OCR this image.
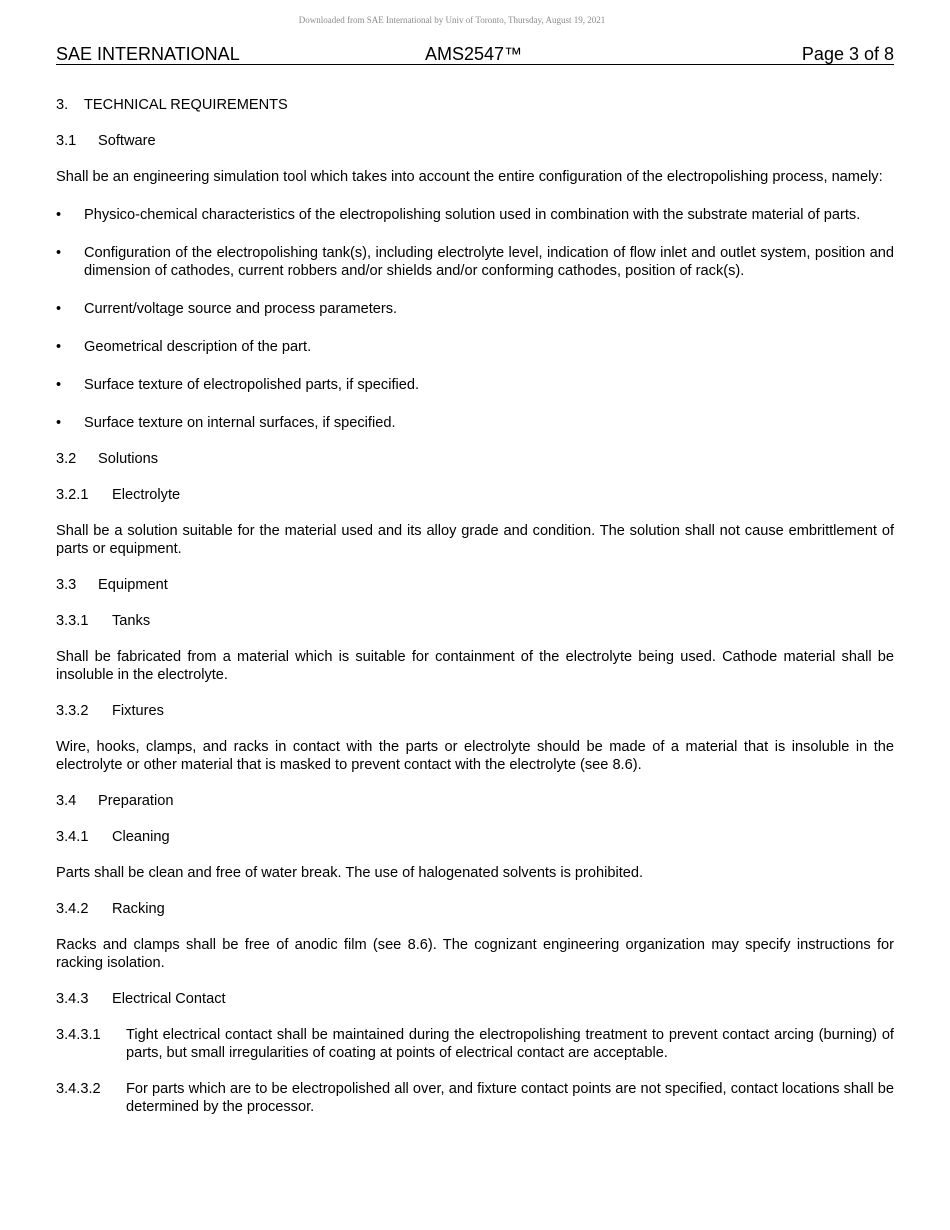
Downloaded from SAE International by Univ of Toronto, Thursday, August 19, 2021
SAE INTERNATIONAL	AMS2547™	Page 3 of 8

3. TECHNICAL REQUIREMENTS

3.1 Software

Shall be an engineering simulation tool which takes into account the entire configuration of the electropolishing process, namely:

• Physico-chemical characteristics of the electropolishing solution used in combination with the substrate material of parts.

• Configuration of the electropolishing tank(s), including electrolyte level, indication of flow inlet and outlet system, position and dimension of cathodes, current robbers and/or shields and/or conforming cathodes, position of rack(s).

• Current/voltage source and process parameters.

• Geometrical description of the part.

• Surface texture of electropolished parts, if specified.

• Surface texture on internal surfaces, if specified.

3.2 Solutions

3.2.1 Electrolyte

Shall be a solution suitable for the material used and its alloy grade and condition. The solution shall not cause embrittlement of parts or equipment.

3.3 Equipment

3.3.1 Tanks

Shall be fabricated from a material which is suitable for containment of the electrolyte being used. Cathode material shall be insoluble in the electrolyte.

3.3.2 Fixtures

Wire, hooks, clamps, and racks in contact with the parts or electrolyte should be made of a material that is insoluble in the electrolyte or other material that is masked to prevent contact with the electrolyte (see 8.6).

3.4 Preparation

3.4.1 Cleaning

Parts shall be clean and free of water break. The use of halogenated solvents is prohibited.

3.4.2 Racking

Racks and clamps shall be free of anodic film (see 8.6). The cognizant engineering organization may specify instructions for racking isolation.

3.4.3 Electrical Contact

3.4.3.1 Tight electrical contact shall be maintained during the electropolishing treatment to prevent contact arcing (burning) of parts, but small irregularities of coating at points of electrical contact are acceptable.

3.4.3.2 For parts which are to be electropolished all over, and fixture contact points are not specified, contact locations shall be determined by the processor.
